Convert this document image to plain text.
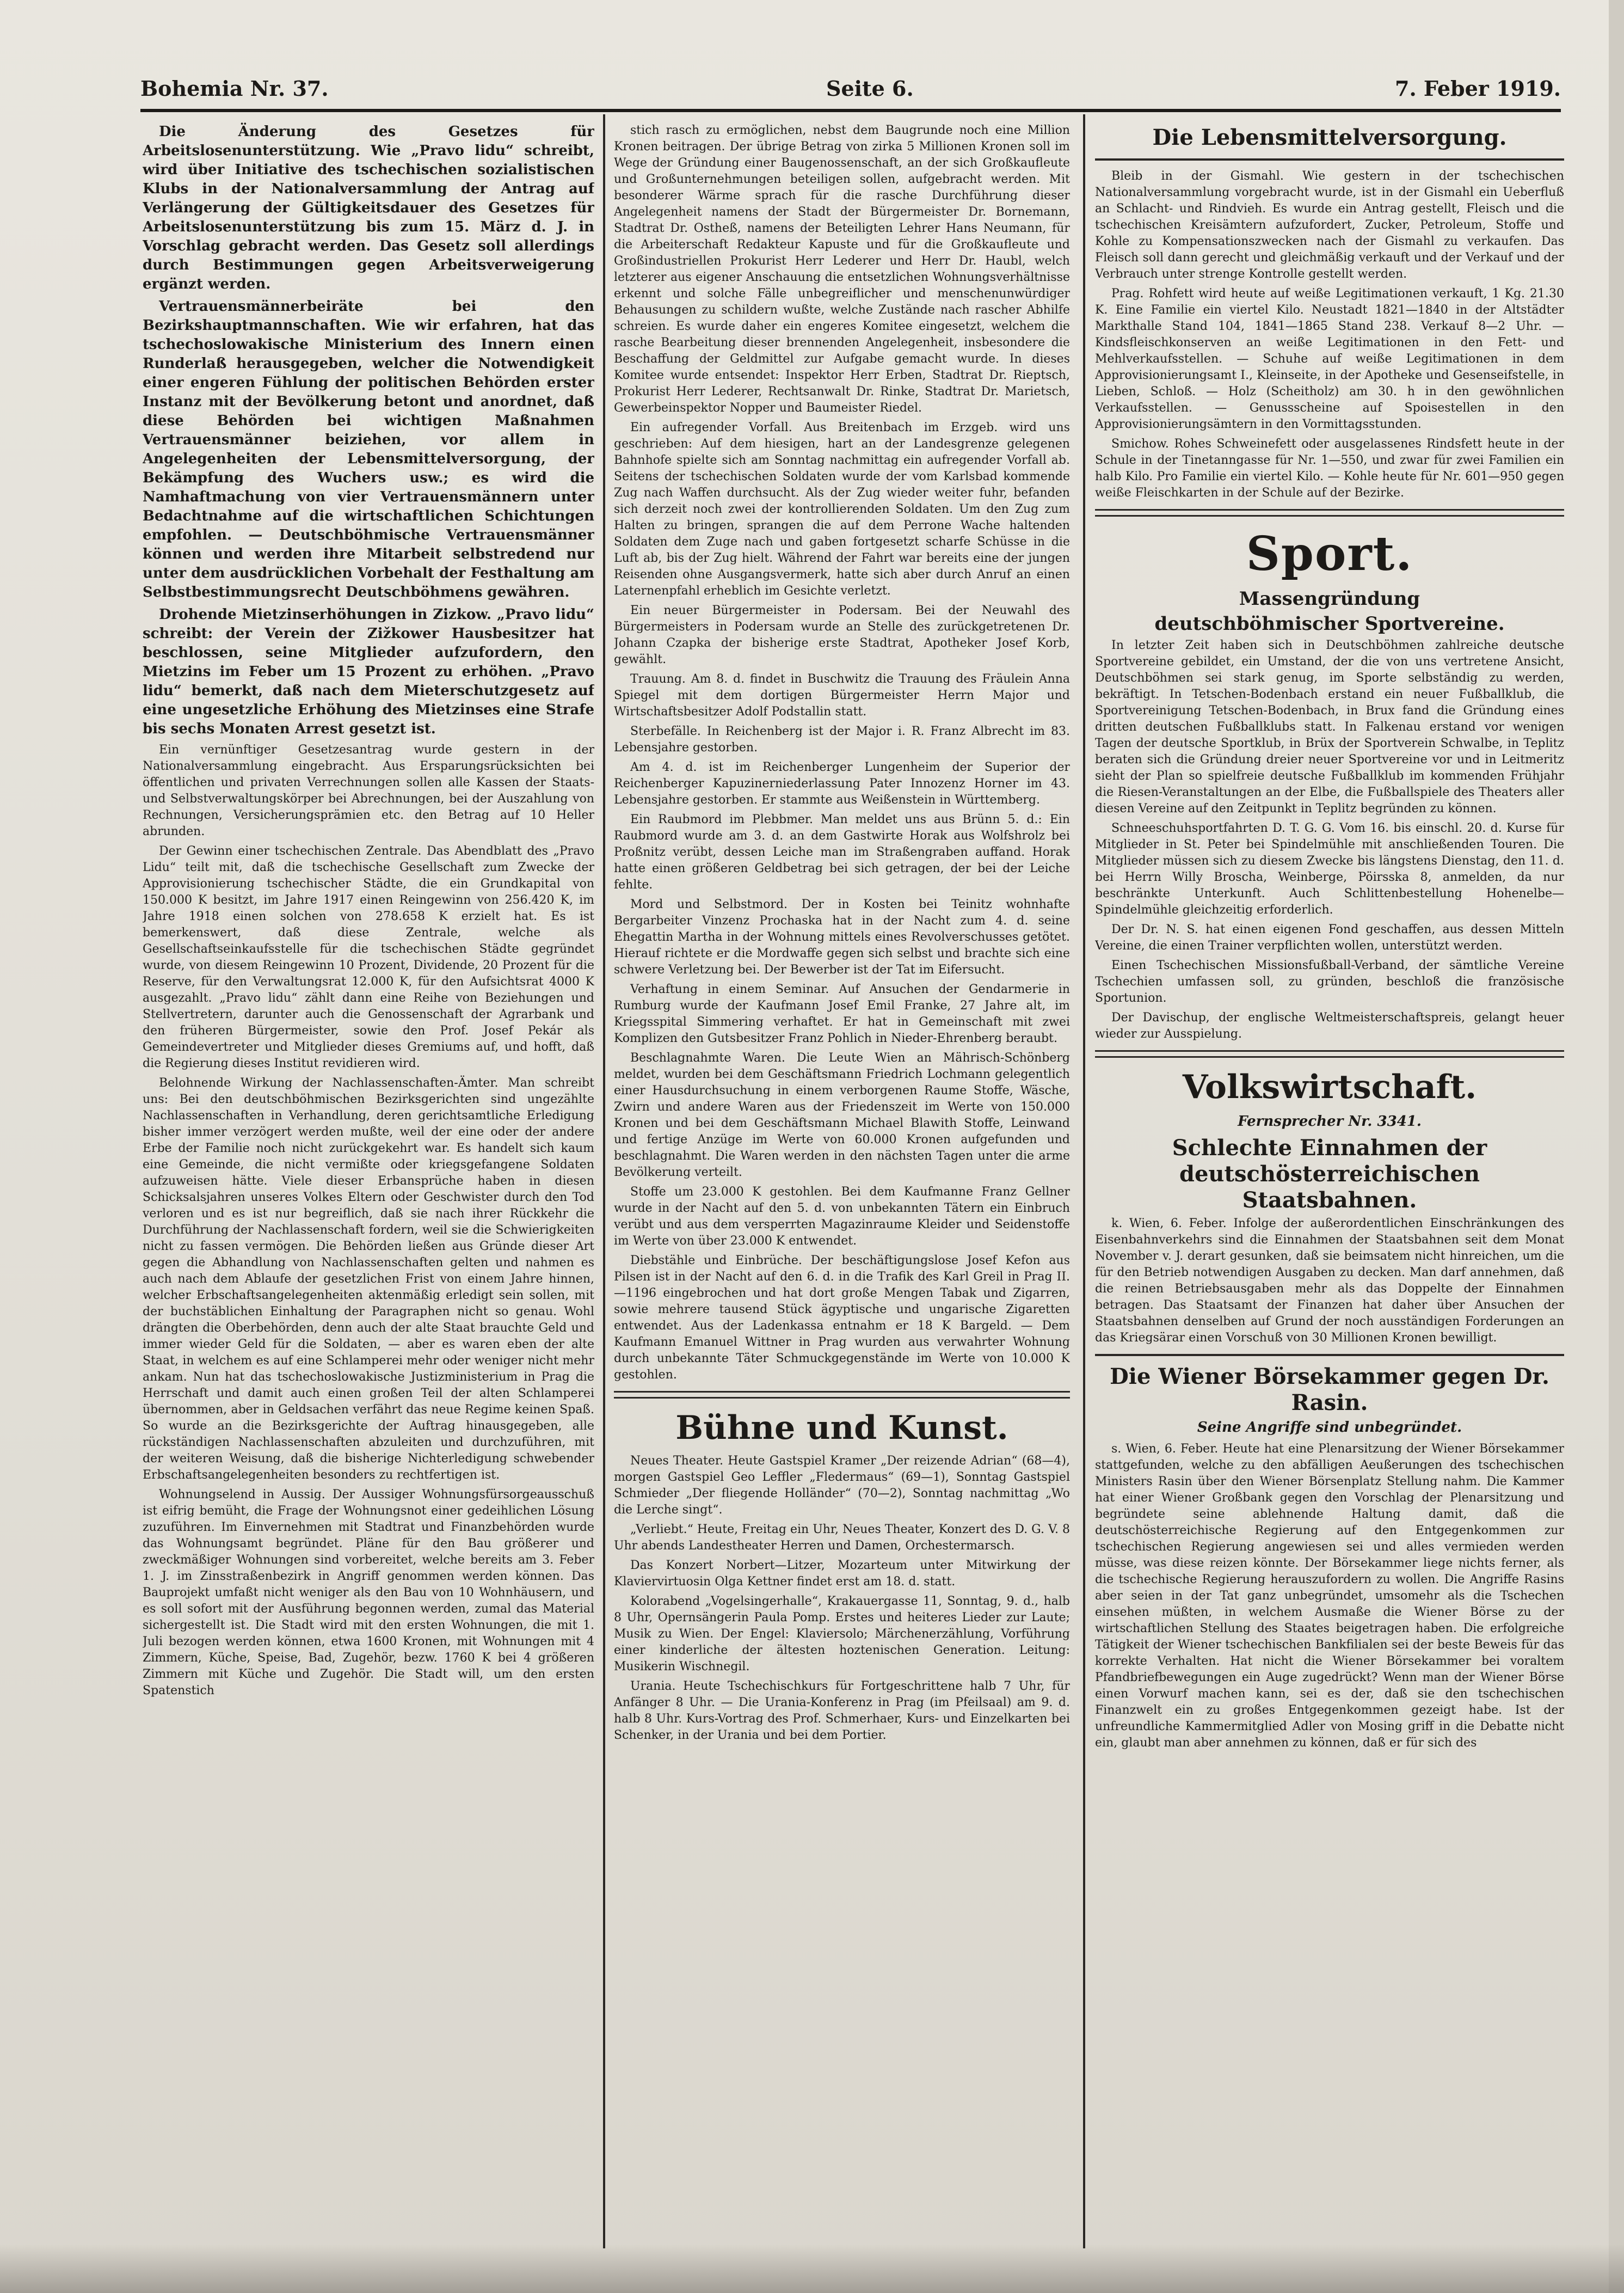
Bohemia Nr. 37.	Seite 6.	7. Feber 1919.

Die Änderung des Gesetzes für Arbeitslosenunterstützung. Wie „Pravo lidu“ schreibt, wird über Initiative des tschechischen sozialistischen Klubs in der Nationalversammlung der Antrag auf Verlängerung der Gültigkeitsdauer des Gesetzes für Arbeitslosenunterstützung bis zum 15. März d. J. in Vorschlag gebracht werden. Das Gesetz soll allerdings durch Bestimmungen gegen Arbeitsverweigerung ergänzt werden.

Vertrauensmännerbeiräte bei den Bezirkshauptmannschaften. Wie wir erfahren, hat das tschechoslowakische Ministerium des Innern einen Runderlaß herausgegeben, welcher die Notwendigkeit einer engeren Fühlung der politischen Behörden erster Instanz mit der Bevölkerung betont und anordnet, daß diese Behörden bei wichtigen Maßnahmen Vertrauensmänner beiziehen, vor allem in Angelegenheiten der Lebensmittelversorgung, der Bekämpfung des Wuchers usw.; es wird die Namhaftmachung von vier Vertrauensmännern unter Bedachtnahme auf die wirtschaftlichen Schichtungen empfohlen. — Deutschböhmische Vertrauensmänner können und werden ihre Mitarbeit selbstredend nur unter dem ausdrücklichen Vorbehalt der Festhaltung am Selbstbestimmungsrecht Deutschböhmens gewähren.

Drohende Mietzinserhöhungen in Zizkow. „Pravo lidu“ schreibt: der Verein der Zižkower Hausbesitzer hat beschlossen, seine Mitglieder aufzufordern, den Mietzins im Feber um 15 Prozent zu erhöhen. „Pravo lidu“ bemerkt, daß nach dem Mieterschutzgesetz auf eine ungesetzliche Erhöhung des Mietzinses eine Strafe bis sechs Monaten Arrest gesetzt ist.

Ein vernünftiger Gesetzesantrag wurde gestern in der Nationalversammlung eingebracht. Aus Ersparungsrücksichten bei öffentlichen und privaten Verrechnungen sollen alle Kassen der Staats- und Selbstverwaltungskörper bei Abrechnungen, bei der Auszahlung von Rechnungen, Versicherungsprämien etc. den Betrag auf 10 Heller abrunden.

Der Gewinn einer tschechischen Zentrale. Das Abendblatt des „Pravo Lidu“ teilt mit, daß die tschechische Gesellschaft zum Zwecke der Approvisionierung tschechischer Städte, die ein Grundkapital von 150.000 K besitzt, im Jahre 1917 einen Reingewinn von 256.420 K, im Jahre 1918 einen solchen von 278.658 K erzielt hat. Es ist bemerkenswert, daß diese Zentrale, welche als Gesellschaftseinkaufsstelle für die tschechischen Städte gegründet wurde, von diesem Reingewinn 10 Prozent, Dividende, 20 Prozent für die Reserve, für den Verwaltungsrat 12.000 K, für den Aufsichtsrat 4000 K ausgezahlt. „Pravo lidu“ zählt dann eine Reihe von Beziehungen und Stellvertretern, darunter auch die Genossenschaft der Agrarbank und den früheren Bürgermeister, sowie den Prof. Josef Pekár als Gemeindevertreter und Mitglieder dieses Gremiums auf, und hofft, daß die Regierung dieses Institut revidieren wird.

Belohnende Wirkung der Nachlassenschaften-Ämter. Man schreibt uns: Bei den deutschböhmischen Bezirksgerichten sind ungezählte Nachlassenschaften in Verhandlung, deren gerichtsamtliche Erledigung bisher immer verzögert werden mußte, weil der eine oder der andere Erbe der Familie noch nicht zurückgekehrt war. Es handelt sich kaum eine Gemeinde, die nicht vermißte oder kriegsgefangene Soldaten aufzuweisen hätte. Viele dieser Erbansprüche haben in diesen Schicksalsjahren unseres Volkes Eltern oder Geschwister durch den Tod verloren und es ist nur begreiflich, daß sie nach ihrer Rückkehr die Durchführung der Nachlassenschaft fordern, weil sie die Schwierigkeiten nicht zu fassen vermögen. Die Behörden ließen aus Gründe dieser Art gegen die Abhandlung von Nachlassenschaften gelten und nahmen es auch nach dem Ablaufe der gesetzlichen Frist von einem Jahre hinnen, welcher Erbschaftsangelegenheiten aktenmäßig erledigt sein sollen, mit der buchstäblichen Einhaltung der Paragraphen nicht so genau. Wohl drängten die Oberbehörden, denn auch der alte Staat brauchte Geld und immer wieder Geld für die Soldaten, — aber es waren eben der alte Staat, in welchem es auf eine Schlamperei mehr oder weniger nicht mehr ankam. Nun hat das tschechoslowakische Justizministerium in Prag die Herrschaft und damit auch einen großen Teil der alten Schlamperei übernommen, aber in Geldsachen verfährt das neue Regime keinen Spaß. So wurde an die Bezirksgerichte der Auftrag hinausgegeben, alle rückständigen Nachlassenschaften abzuleiten und durchzuführen, mit der weiteren Weisung, daß die bisherige Nichterledigung schwebender Erbschaftsangelegenheiten besonders zu rechtfertigen ist.

Wohnungselend in Aussig. Der Aussiger Wohnungsfürsorgeausschuß ist eifrig bemüht, die Frage der Wohnungsnot einer gedeihlichen Lösung zuzuführen. Im Einvernehmen mit Stadtrat und Finanzbehörden wurde das Wohnungsamt begründet. Pläne für den Bau größerer und zweckmäßiger Wohnungen sind vorbereitet, welche bereits am 3. Feber 1. J. im Zinsstraßenbezirk in Angriff genommen werden können. Das Bauprojekt umfaßt nicht weniger als den Bau von 10 Wohnhäusern, und es soll sofort mit der Ausführung begonnen werden, zumal das Material sichergestellt ist. Die Stadt wird mit den ersten Wohnungen, die mit 1. Juli bezogen werden können, etwa 1600 Kronen, mit Wohnungen mit 4 Zimmern, Küche, Speise, Bad, Zugehör, bezw. 1760 K bei 4 größeren Zimmern mit Küche und Zugehör. Die Stadt will, um den ersten Spatenstich

stich rasch zu ermöglichen, nebst dem Baugrunde noch eine Million Kronen beitragen. Der übrige Betrag von zirka 5 Millionen Kronen soll im Wege der Gründung einer Baugenossenschaft, an der sich Großkaufleute und Großunternehmungen beteiligen sollen, aufgebracht werden. Mit besonderer Wärme sprach für die rasche Durchführung dieser Angelegenheit namens der Stadt der Bürgermeister Dr. Bornemann, Stadtrat Dr. Ostheß, namens der Beteiligten Lehrer Hans Neumann, für die Arbeiterschaft Redakteur Kapuste und für die Großkaufleute und Großindustriellen Prokurist Herr Lederer und Herr Dr. Haubl, welch letzterer aus eigener Anschauung die entsetzlichen Wohnungsverhältnisse erkennt und solche Fälle unbegreiflicher und menschenunwürdiger Behausungen zu schildern wußte, welche Zustände nach rascher Abhilfe schreien. Es wurde daher ein engeres Komitee eingesetzt, welchem die rasche Bearbeitung dieser brennenden Angelegenheit, insbesondere die Beschaffung der Geldmittel zur Aufgabe gemacht wurde. In dieses Komitee wurde entsendet: Inspektor Herr Erben, Stadtrat Dr. Rieptsch, Prokurist Herr Lederer, Rechtsanwalt Dr. Rinke, Stadtrat Dr. Marietsch, Gewerbeinspektor Nopper und Baumeister Riedel.

Ein aufregender Vorfall. Aus Breitenbach im Erzgeb. wird uns geschrieben: Auf dem hiesigen, hart an der Landesgrenze gelegenen Bahnhofe spielte sich am Sonntag nachmittag ein aufregender Vorfall ab. Seitens der tschechischen Soldaten wurde der vom Karlsbad kommende Zug nach Waffen durchsucht. Als der Zug wieder weiter fuhr, befanden sich derzeit noch zwei der kontrollierenden Soldaten. Um den Zug zum Halten zu bringen, sprangen die auf dem Perrone Wache haltenden Soldaten dem Zuge nach und gaben fortgesetzt scharfe Schüsse in die Luft ab, bis der Zug hielt. Während der Fahrt war bereits eine der jungen Reisenden ohne Ausgangsvermerk, hatte sich aber durch Anruf an einen Laternenpfahl erheblich im Gesichte verletzt.

Ein neuer Bürgermeister in Podersam. Bei der Neuwahl des Bürgermeisters in Podersam wurde an Stelle des zurückgetretenen Dr. Johann Czapka der bisherige erste Stadtrat, Apotheker Josef Korb, gewählt.

Trauung. Am 8. d. findet in Buschwitz die Trauung des Fräulein Anna Spiegel mit dem dortigen Bürgermeister Herrn Major und Wirtschaftsbesitzer Adolf Podstallin statt.

Sterbefälle. In Reichenberg ist der Major i. R. Franz Albrecht im 83. Lebensjahre gestorben.

Am 4. d. ist im Reichenberger Lungenheim der Superior der Reichenberger Kapuzinerniederlassung Pater Innozenz Horner im 43. Lebensjahre gestorben. Er stammte aus Weißenstein in Württemberg.

Ein Raubmord im Plebbmer. Man meldet uns aus Brünn 5. d.: Ein Raubmord wurde am 3. d. an dem Gastwirte Horak aus Wolfshrolz bei Proßnitz verübt, dessen Leiche man im Straßengraben auffand. Horak hatte einen größeren Geldbetrag bei sich getragen, der bei der Leiche fehlte.

Mord und Selbstmord. Der in Kosten bei Teinitz wohnhafte Bergarbeiter Vinzenz Prochaska hat in der Nacht zum 4. d. seine Ehegattin Martha in der Wohnung mittels eines Revolverschusses getötet. Hierauf richtete er die Mordwaffe gegen sich selbst und brachte sich eine schwere Verletzung bei. Der Bewerber ist der Tat im Eifersucht.

Verhaftung in einem Seminar. Auf Ansuchen der Gendarmerie in Rumburg wurde der Kaufmann Josef Emil Franke, 27 Jahre alt, im Kriegsspital Simmering verhaftet. Er hat in Gemeinschaft mit zwei Komplizen den Gutsbesitzer Franz Pohlich in Nieder-Ehrenberg beraubt.

Beschlagnahmte Waren. Die Leute Wien an Mährisch-Schönberg meldet, wurden bei dem Geschäftsmann Friedrich Lochmann gelegentlich einer Hausdurchsuchung in einem verborgenen Raume Stoffe, Wäsche, Zwirn und andere Waren aus der Friedenszeit im Werte von 150.000 Kronen und bei dem Geschäftsmann Michael Blawith Stoffe, Leinwand und fertige Anzüge im Werte von 60.000 Kronen aufgefunden und beschlagnahmt. Die Waren werden in den nächsten Tagen unter die arme Bevölkerung verteilt.

Stoffe um 23.000 K gestohlen. Bei dem Kaufmanne Franz Gellner wurde in der Nacht auf den 5. d. von unbekannten Tätern ein Einbruch verübt und aus dem versperrten Magazinraume Kleider und Seidenstoffe im Werte von über 23.000 K entwendet.

Diebstähle und Einbrüche. Der beschäftigungslose Josef Kefon aus Pilsen ist in der Nacht auf den 6. d. in die Trafik des Karl Greil in Prag II.—1196 eingebrochen und hat dort große Mengen Tabak und Zigarren, sowie mehrere tausend Stück ägyptische und ungarische Zigaretten entwendet. Aus der Ladenkassa entnahm er 18 K Bargeld. — Dem Kaufmann Emanuel Wittner in Prag wurden aus verwahrter Wohnung durch unbekannte Täter Schmuckgegenstände im Werte von 10.000 K gestohlen.

Bühne und Kunst.

Neues Theater. Heute Gastspiel Kramer „Der reizende Adrian“ (68—4), morgen Gastspiel Geo Leffler „Fledermaus“ (69—1), Sonntag Gastspiel Schmieder „Der fliegende Holländer“ (70—2), Sonntag nachmittag „Wo die Lerche singt“.

„Verliebt.“ Heute, Freitag ein Uhr, Neues Theater, Konzert des D. G. V. 8 Uhr abends Landestheater Herren und Damen, Orchestermarsch.

Das Konzert Norbert—Litzer, Mozarteum unter Mitwirkung der Klaviervirtuosin Olga Kettner findet erst am 18. d. statt.

Kolorabend „Vogelsingerhalle“, Krakauergasse 11, Sonntag, 9. d., halb 8 Uhr, Opernsängerin Paula Pomp. Erstes und heiteres Lieder zur Laute; Musik zu Wien. Der Engel: Klaviersolo; Märchenerzählung, Vorführung einer kinderliche der ältesten hoztenischen Generation. Leitung: Musikerin Wischnegil.

Urania. Heute Tschechischkurs für Fortgeschrittene halb 7 Uhr, für Anfänger 8 Uhr. — Die Urania-Konferenz in Prag (im Pfeilsaal) am 9. d. halb 8 Uhr. Kurs-Vortrag des Prof. Schmerhaer, Kurs- und Einzelkarten bei Schenker, in der Urania und bei dem Portier.

Die Lebensmittelversorgung.

Bleib in der Gismahl. Wie gestern in der tschechischen Nationalversammlung vorgebracht wurde, ist in der Gismahl ein Ueberfluß an Schlacht- und Rindvieh. Es wurde ein Antrag gestellt, Fleisch und die tschechischen Kreisämtern aufzufordert, Zucker, Petroleum, Stoffe und Kohle zu Kompensationszwecken nach der Gismahl zu verkaufen. Das Fleisch soll dann gerecht und gleichmäßig verkauft und der Verkauf und der Verbrauch unter strenge Kontrolle gestellt werden.

Prag. Rohfett wird heute auf weiße Legitimationen verkauft, 1 Kg. 21.30 K. Eine Familie ein viertel Kilo. Neustadt 1821—1840 in der Altstädter Markthalle Stand 104, 1841—1865 Stand 238. Verkauf 8—2 Uhr. — Kindsfleischkonserven an weiße Legitimationen in den Fett- und Mehlverkaufsstellen. — Schuhe auf weiße Legitimationen in dem Approvisionierungsamt I., Kleinseite, in der Apotheke und Gesenseifstelle, in Lieben, Schloß. — Holz (Scheitholz) am 30. h in den gewöhnlichen Verkaufsstellen. — Genussscheine auf Spoisestellen in den Approvisionierungsämtern in den Vormittagsstunden.

Smichow. Rohes Schweinefett oder ausgelassenes Rindsfett heute in der Schule in der Tinetanngasse für Nr. 1—550, und zwar für zwei Familien ein halb Kilo. Pro Familie ein viertel Kilo. — Kohle heute für Nr. 601—950 gegen weiße Fleischkarten in der Schule auf der Bezirke.

Sport.
Massengründung
deutschböhmischer Sportvereine.

In letzter Zeit haben sich in Deutschböhmen zahlreiche deutsche Sportvereine gebildet, ein Umstand, der die von uns vertretene Ansicht, Deutschböhmen sei stark genug, im Sporte selbständig zu werden, bekräftigt. In Tetschen-Bodenbach erstand ein neuer Fußballklub, die Sportvereinigung Tetschen-Bodenbach, in Brux fand die Gründung eines dritten deutschen Fußballklubs statt. In Falkenau erstand vor wenigen Tagen der deutsche Sportklub, in Brüx der Sportverein Schwalbe, in Teplitz beraten sich die Gründung dreier neuer Sportvereine vor und in Leitmeritz sieht der Plan so spielfreie deutsche Fußballklub im kommenden Frühjahr die Riesen-Veranstaltungen an der Elbe, die Fußballspiele des Theaters aller diesen Vereine auf den Zeitpunkt in Teplitz begründen zu können.

Schneeschuhsportfahrten D. T. G. G. Vom 16. bis einschl. 20. d. Kurse für Mitglieder in St. Peter bei Spindelmühle mit anschließenden Touren. Die Mitglieder müssen sich zu diesem Zwecke bis längstens Dienstag, den 11. d. bei Herrn Willy Broscha, Weinberge, Pöirsska 8, anmelden, da nur beschränkte Unterkunft. Auch Schlittenbestellung Hohenelbe—Spindelmühle gleichzeitig erforderlich.

Der Dr. N. S. hat einen eigenen Fond geschaffen, aus dessen Mitteln Vereine, die einen Trainer verpflichten wollen, unterstützt werden.

Einen Tschechischen Missionsfußball-Verband, der sämtliche Vereine Tschechien umfassen soll, zu gründen, beschloß die französische Sportunion.

Der Davischup, der englische Weltmeisterschaftspreis, gelangt heuer wieder zur Ausspielung.

Volkswirtschaft.
Fernsprecher Nr. 3341.
Schlechte Einnahmen der deutschösterreichischen Staatsbahnen.

k. Wien, 6. Feber. Infolge der außerordentlichen Einschränkungen des Eisenbahnverkehrs sind die Einnahmen der Staatsbahnen seit dem Monat November v. J. derart gesunken, daß sie beimsatem nicht hinreichen, um die für den Betrieb notwendigen Ausgaben zu decken. Man darf annehmen, daß die reinen Betriebsausgaben mehr als das Doppelte der Einnahmen betragen. Das Staatsamt der Finanzen hat daher über Ansuchen der Staatsbahnen denselben auf Grund der noch ausständigen Forderungen an das Kriegsärar einen Vorschuß von 30 Millionen Kronen bewilligt.

Die Wiener Börsekammer gegen Dr. Rasin.
Seine Angriffe sind unbegründet.

s. Wien, 6. Feber. Heute hat eine Plenarsitzung der Wiener Börsekammer stattgefunden, welche zu den abfälligen Aeußerungen des tschechischen Ministers Rasin über den Wiener Börsenplatz Stellung nahm. Die Kammer hat einer Wiener Großbank gegen den Vorschlag der Plenarsitzung und begründete seine ablehnende Haltung damit, daß die deutschösterreichische Regierung auf den Entgegenkommen zur tschechischen Regierung angewiesen sei und alles vermieden werden müsse, was diese reizen könnte. Der Börsekammer liege nichts ferner, als die tschechische Regierung herauszufordern zu wollen. Die Angriffe Rasins aber seien in der Tat ganz unbegründet, umsomehr als die Tschechen einsehen müßten, in welchem Ausmaße die Wiener Börse zu der wirtschaftlichen Stellung des Staates beigetragen haben. Die erfolgreiche Tätigkeit der Wiener tschechischen Bankfilialen sei der beste Beweis für das korrekte Verhalten. Hat nicht die Wiener Börsekammer bei voraltem Pfandbriefbewegungen ein Auge zugedrückt? Wenn man der Wiener Börse einen Vorwurf machen kann, sei es der, daß sie den tschechischen Finanzwelt ein zu großes Entgegenkommen gezeigt habe. Ist der unfreundliche Kammermitglied Adler von Mosing griff in die Debatte nicht ein, glaubt man aber annehmen zu können, daß er für sich des
